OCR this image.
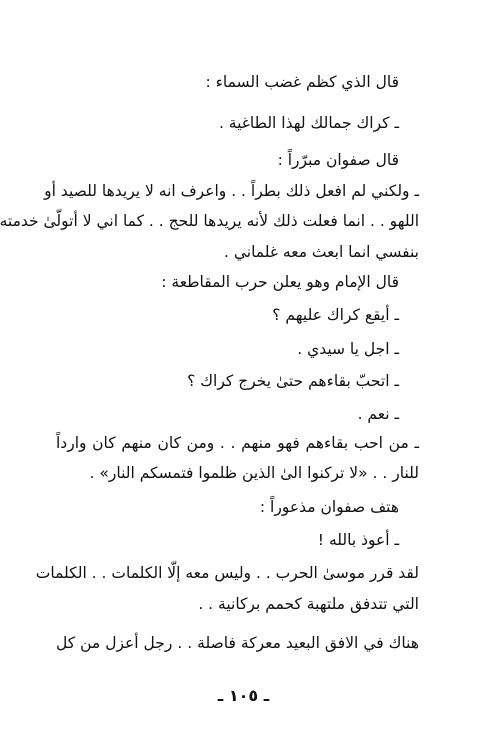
قال الذي كظم غضب السماء :
ـ كراك جمالك لهذا الطاغية .
قال صفوان مبرّراً :
ـ ولكني لم افعل ذلك بطراً . . واعرف انه لا يريدها للصيد أو
اللهو . . انما فعلت ذلك لأنه يريدها للحج . . كما اني لا أتولّىٰ خدمته
بنفسي انما ابعث معه غلماني .
قال الإمام وهو يعلن حرب المقاطعة :
ـ أيقع كراك عليهم ؟
ـ اجل يا سيدي .
ـ اتحبّ بقاءهم حتىٰ يخرج كراك ؟
ـ نعم .
ـ من احب بقاءهم فهو منهم . . ومن كان منهم كان وارداً
للنار . . «لا تركنوا الىٰ الذين ظلموا فتمسكم النار» .
هتف صفوان مذعوراً :
ـ أعوذ بالله !
لقد قرر موسىٰ الحرب . . وليس معه إلّا الكلمات . . الكلمات
التي تتدفق ملتهبة كحمم بركانية . .
هناك في الافق البعيد معركة فاصلة . . رجل أعزل من كل
ـ ١٠٥ ـ
